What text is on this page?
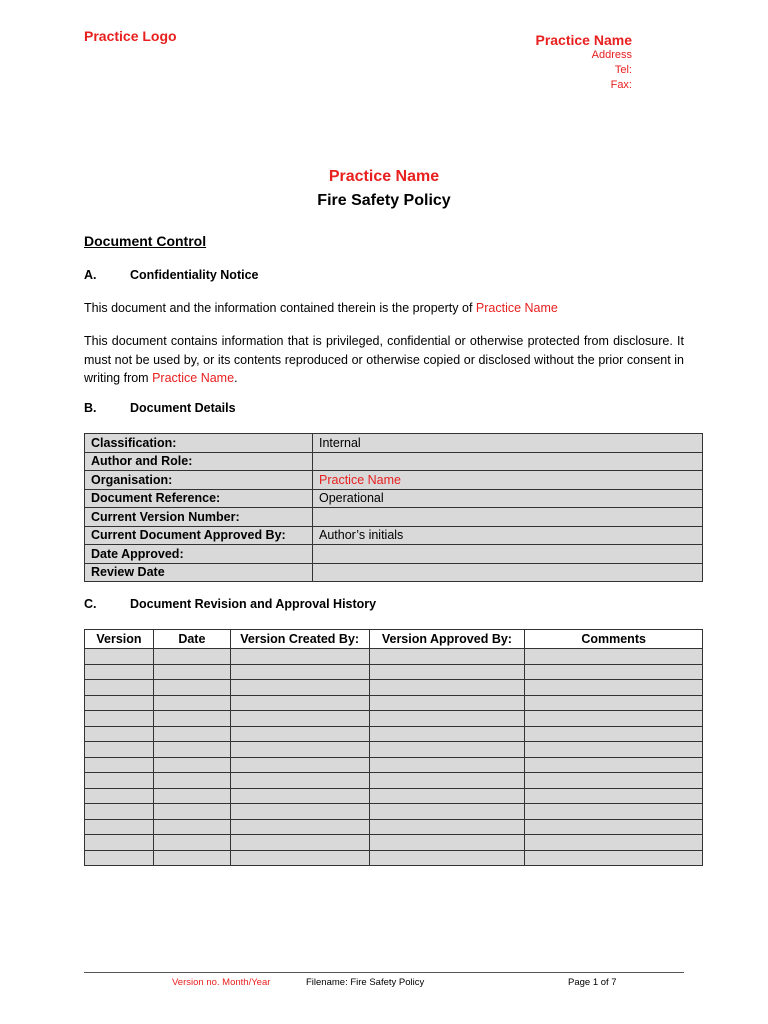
Practice Logo	Practice Name
Address
Tel:
Fax:
Practice Name
Fire Safety Policy
Document Control
A.	Confidentiality Notice
This document and the information contained therein is the property of Practice Name
This document contains information that is privileged, confidential or otherwise protected from disclosure. It must not be used by, or its contents reproduced or otherwise copied or disclosed without the prior consent in writing from Practice Name.
B.	Document Details
Classification:	Internal
Author and Role:	
Organisation:	Practice Name
Document Reference:	Operational
Current Version Number:	
Current Document Approved By:	Author’s initials
Date Approved:	
Review Date	
C.	Document Revision and Approval History
Version	Date	Version Created By:	Version Approved By:	Comments

Version no. Month/Year	Filename: Fire Safety Policy	Page 1 of 7
